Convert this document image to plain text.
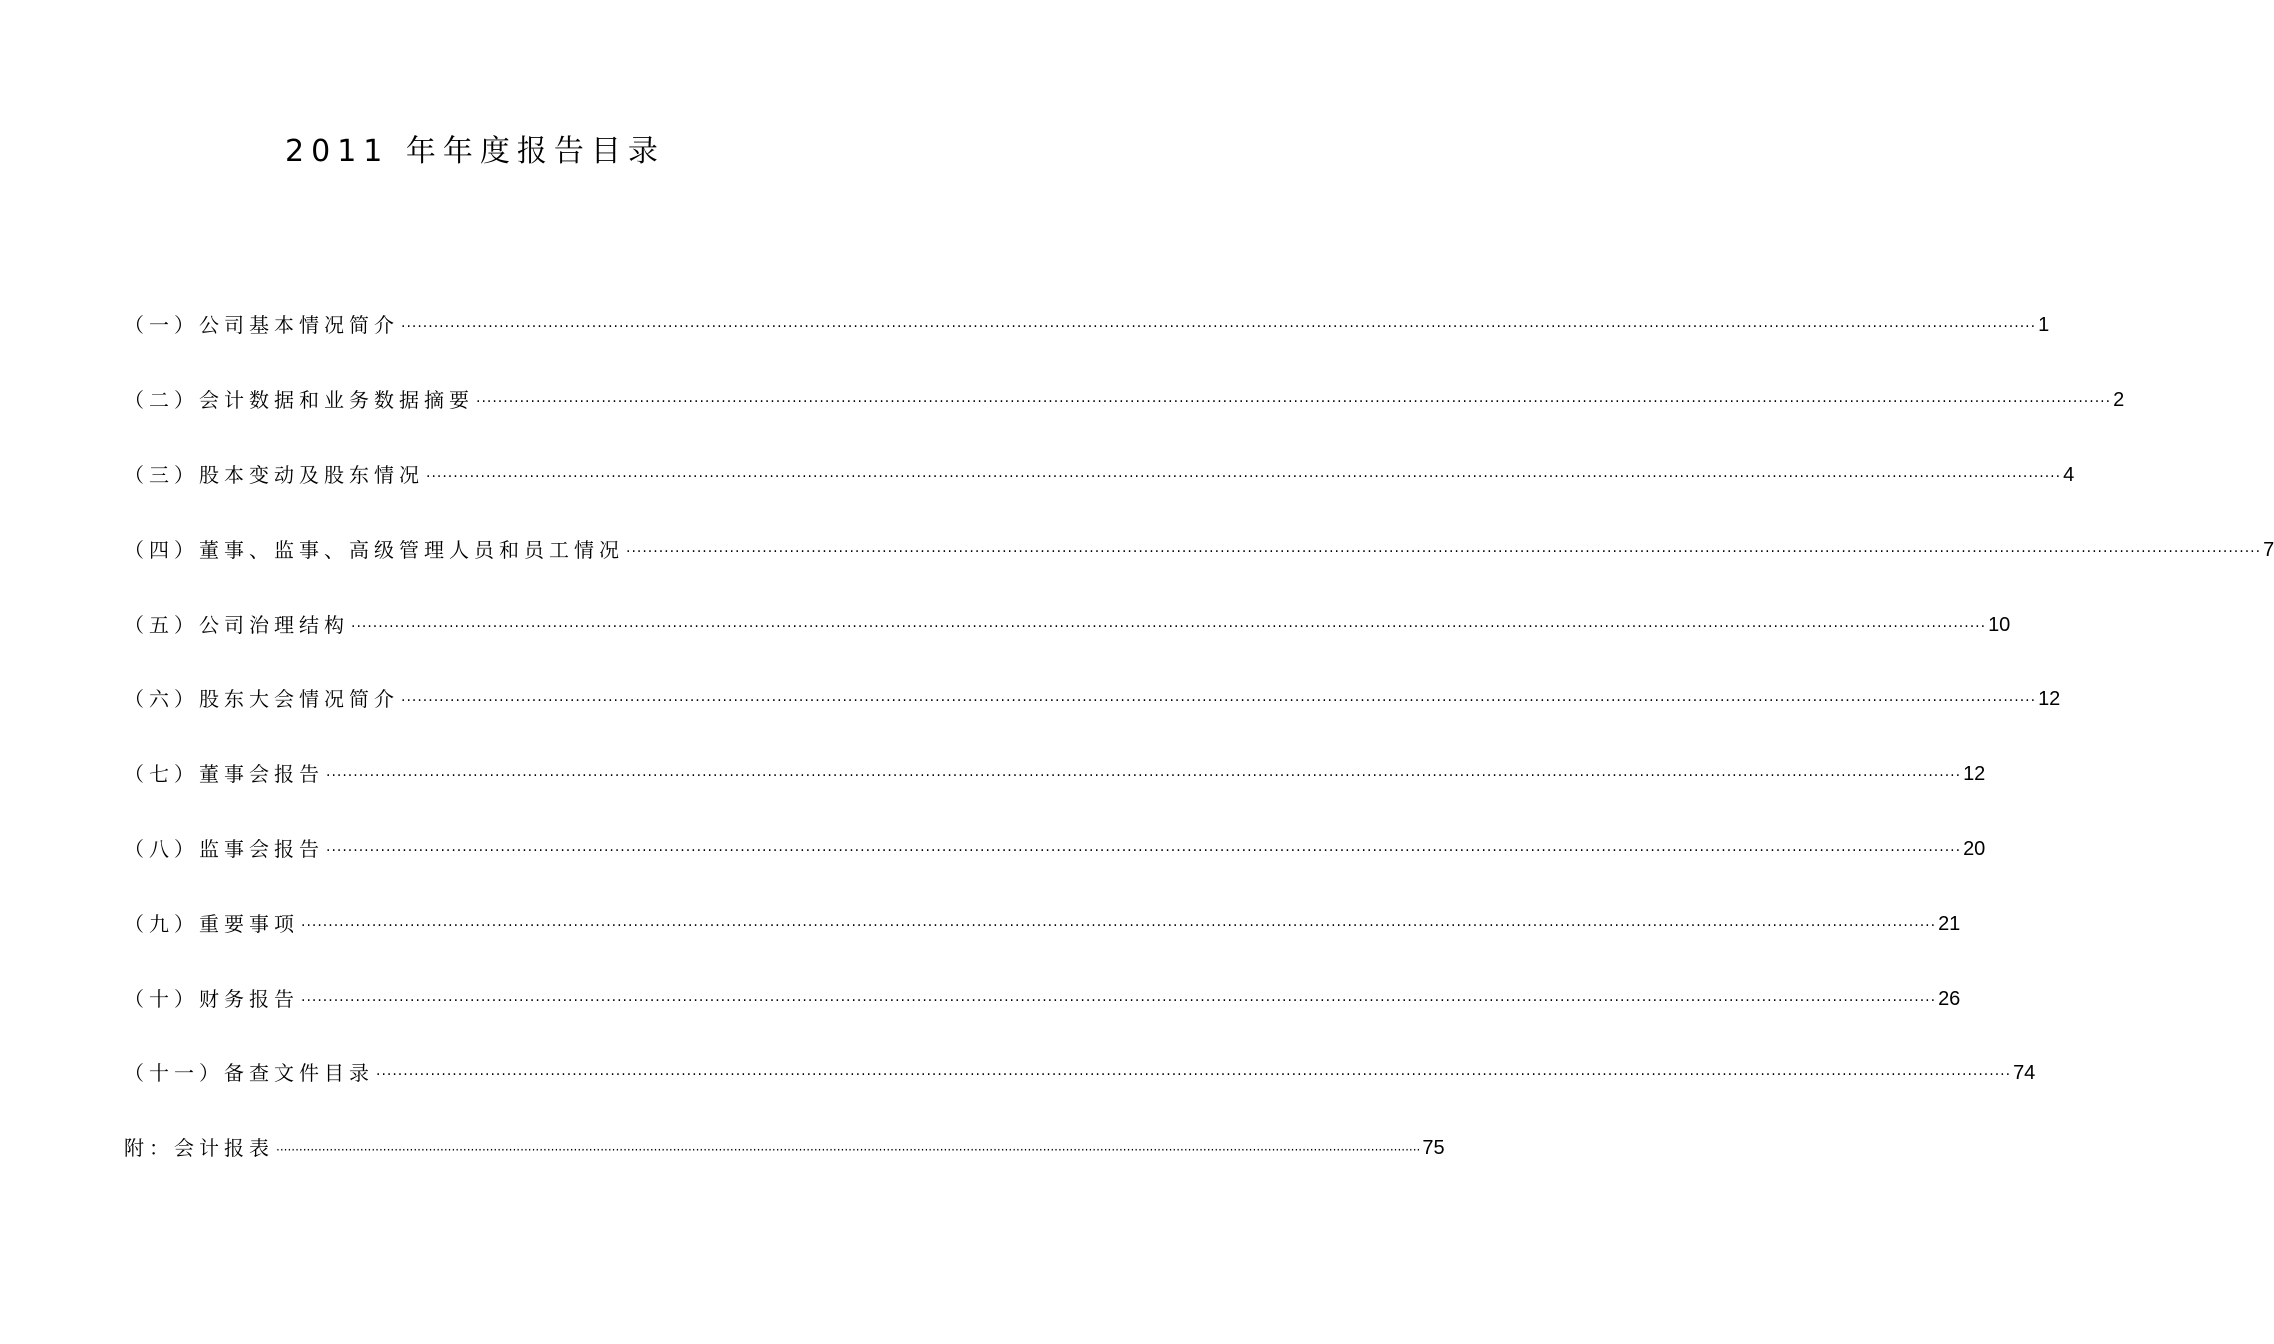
2011 年年度报告目录
（一）公司基本情况简介 ············································································································································································································································································································ 1
（二）会计数据和业务数据摘要 ············································································································································································································································································································ 2
（三）股本变动及股东情况 ············································································································································································································································································································ 4
（四）董事、监事、高级管理人员和员工情况 ············································································································································································································································································································ 7
（五）公司治理结构 ············································································································································································································································································································ 10
（六）股东大会情况简介 ············································································································································································································································································································ 12
（七）董事会报告 ············································································································································································································································································································ 12
（八）监事会报告 ············································································································································································································································································································ 20
（九）重要事项 ············································································································································································································································································································ 21
（十）财务报告 ············································································································································································································································································································ 26
（十一）备查文件目录 ············································································································································································································································································································ 74
附：会计报表 ············································································································································································································································································································ 75
